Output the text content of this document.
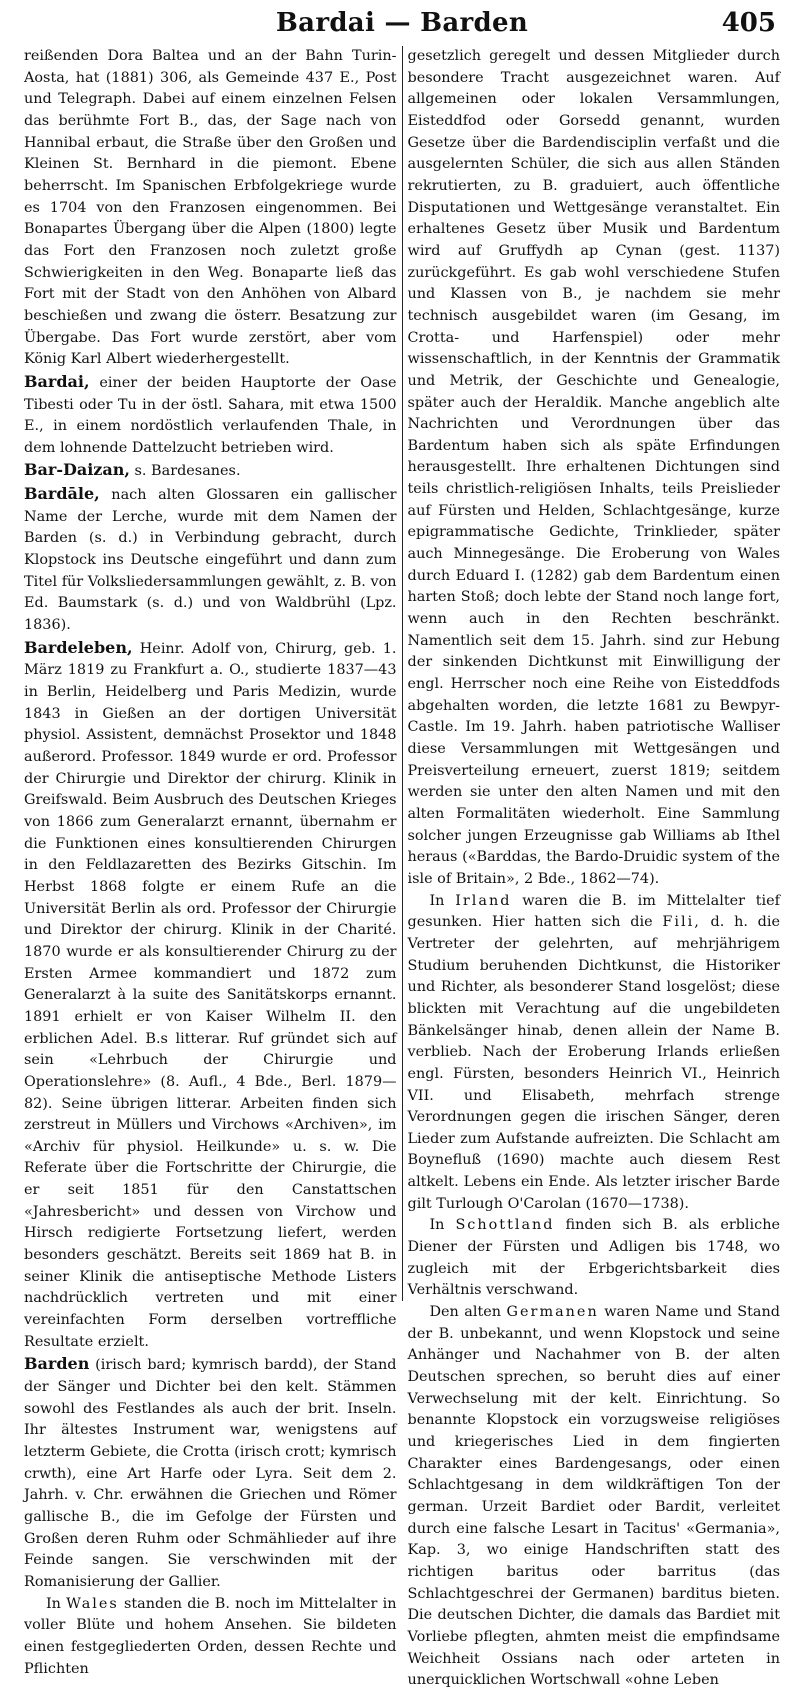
Bardai — Barden	405

reißenden Dora Baltea und an der Bahn Turin-Aosta, hat (1881) 306, als Gemeinde 437 E., Post und Telegraph. Dabei auf einem einzelnen Felsen das berühmte Fort B., das, der Sage nach von Hannibal erbaut, die Straße über den Großen und Kleinen St. Bernhard in die piemont. Ebene beherrscht. Im Spanischen Erbfolgekriege wurde es 1704 von den Franzosen eingenommen. Bei Bonapartes Übergang über die Alpen (1800) legte das Fort den Franzosen noch zuletzt große Schwierigkeiten in den Weg. Bonaparte ließ das Fort mit der Stadt von den Anhöhen von Albard beschießen und zwang die österr. Besatzung zur Übergabe. Das Fort wurde zerstört, aber vom König Karl Albert wiederhergestellt.

Bardai, einer der beiden Hauptorte der Oase Tibesti oder Tu in der östl. Sahara, mit etwa 1500 E., in einem nordöstlich verlaufenden Thale, in dem lohnende Dattelzucht betrieben wird.

Bar-Daizan, s. Bardesanes.

Bardāle, nach alten Glossaren ein gallischer Name der Lerche, wurde mit dem Namen der Barden (s. d.) in Verbindung gebracht, durch Klopstock ins Deutsche eingeführt und dann zum Titel für Volksliedersammlungen gewählt, z. B. von Ed. Baumstark (s. d.) und von Waldbrühl (Lpz. 1836).

Bardeleben, Heinr. Adolf von, Chirurg, geb. 1. März 1819 zu Frankfurt a. O., studierte 1837—43 in Berlin, Heidelberg und Paris Medizin, wurde 1843 in Gießen an der dortigen Universität physiol. Assistent, demnächst Prosektor und 1848 außerord. Professor. 1849 wurde er ord. Professor der Chirurgie und Direktor der chirurg. Klinik in Greifswald. Beim Ausbruch des Deutschen Krieges von 1866 zum Generalarzt ernannt, übernahm er die Funktionen eines konsultierenden Chirurgen in den Feldlazaretten des Bezirks Gitschin. Im Herbst 1868 folgte er einem Rufe an die Universität Berlin als ord. Professor der Chirurgie und Direktor der chirurg. Klinik in der Charité. 1870 wurde er als konsultierender Chirurg zu der Ersten Armee kommandiert und 1872 zum Generalarzt à la suite des Sanitätskorps ernannt. 1891 erhielt er von Kaiser Wilhelm II. den erblichen Adel. B.s litterar. Ruf gründet sich auf sein «Lehrbuch der Chirurgie und Operationslehre» (8. Aufl., 4 Bde., Berl. 1879—82). Seine übrigen litterar. Arbeiten finden sich zerstreut in Müllers und Virchows «Archiven», im «Archiv für physiol. Heilkunde» u. s. w. Die Referate über die Fortschritte der Chirurgie, die er seit 1851 für den Canstattschen «Jahresbericht» und dessen von Virchow und Hirsch redigierte Fortsetzung liefert, werden besonders geschätzt. Bereits seit 1869 hat B. in seiner Klinik die antiseptische Methode Listers nachdrücklich vertreten und mit einer vereinfachten Form derselben vortreffliche Resultate erzielt.

Barden (irisch bard; kymrisch bardd), der Stand der Sänger und Dichter bei den kelt. Stämmen sowohl des Festlandes als auch der brit. Inseln. Ihr ältestes Instrument war, wenigstens auf letzterm Gebiete, die Crotta (irisch crott; kymrisch crwth), eine Art Harfe oder Lyra. Seit dem 2. Jahrh. v. Chr. erwähnen die Griechen und Römer gallische B., die im Gefolge der Fürsten und Großen deren Ruhm oder Schmählieder auf ihre Feinde sangen. Sie verschwinden mit der Romanisierung der Gallier.

In Wales standen die B. noch im Mittelalter in voller Blüte und hohem Ansehen. Sie bildeten einen festgegliederten Orden, dessen Rechte und Pflichten

gesetzlich geregelt und dessen Mitglieder durch besondere Tracht ausgezeichnet waren. Auf allgemeinen oder lokalen Versammlungen, Eisteddfod oder Gorsedd genannt, wurden Gesetze über die Bardendisciplin verfaßt und die ausgelernten Schüler, die sich aus allen Ständen rekrutierten, zu B. graduiert, auch öffentliche Disputationen und Wettgesänge veranstaltet. Ein erhaltenes Gesetz über Musik und Bardentum wird auf Gruffydh ap Cynan (gest. 1137) zurückgeführt. Es gab wohl verschiedene Stufen und Klassen von B., je nachdem sie mehr technisch ausgebildet waren (im Gesang, im Crotta- und Harfenspiel) oder mehr wissenschaftlich, in der Kenntnis der Grammatik und Metrik, der Geschichte und Genealogie, später auch der Heraldik. Manche angeblich alte Nachrichten und Verordnungen über das Bardentum haben sich als späte Erfindungen herausgestellt. Ihre erhaltenen Dichtungen sind teils christlich-religiösen Inhalts, teils Preislieder auf Fürsten und Helden, Schlachtgesänge, kurze epigrammatische Gedichte, Trinklieder, später auch Minnegesänge. Die Eroberung von Wales durch Eduard I. (1282) gab dem Bardentum einen harten Stoß; doch lebte der Stand noch lange fort, wenn auch in den Rechten beschränkt. Namentlich seit dem 15. Jahrh. sind zur Hebung der sinkenden Dichtkunst mit Einwilligung der engl. Herrscher noch eine Reihe von Eisteddfods abgehalten worden, die letzte 1681 zu Bewpyr-Castle. Im 19. Jahrh. haben patriotische Walliser diese Versammlungen mit Wettgesängen und Preisverteilung erneuert, zuerst 1819; seitdem werden sie unter den alten Namen und mit den alten Formalitäten wiederholt. Eine Sammlung solcher jungen Erzeugnisse gab Williams ab Ithel heraus («Barddas, the Bardo-Druidic system of the isle of Britain», 2 Bde., 1862—74).

In Irland waren die B. im Mittelalter tief gesunken. Hier hatten sich die Fili, d. h. die Vertreter der gelehrten, auf mehrjährigem Studium beruhenden Dichtkunst, die Historiker und Richter, als besonderer Stand losgelöst; diese blickten mit Verachtung auf die ungebildeten Bänkelsänger hinab, denen allein der Name B. verblieb. Nach der Eroberung Irlands erließen engl. Fürsten, besonders Heinrich VI., Heinrich VII. und Elisabeth, mehrfach strenge Verordnungen gegen die irischen Sänger, deren Lieder zum Aufstande aufreizten. Die Schlacht am Boynefluß (1690) machte auch diesem Rest altkelt. Lebens ein Ende. Als letzter irischer Barde gilt Turlough O'Carolan (1670—1738).

In Schottland finden sich B. als erbliche Diener der Fürsten und Adligen bis 1748, wo zugleich mit der Erbgerichtsbarkeit dies Verhältnis verschwand.

Den alten Germanen waren Name und Stand der B. unbekannt, und wenn Klopstock und seine Anhänger und Nachahmer von B. der alten Deutschen sprechen, so beruht dies auf einer Verwechselung mit der kelt. Einrichtung. So benannte Klopstock ein vorzugsweise religiöses und kriegerisches Lied in dem fingierten Charakter eines Bardengesangs, oder einen Schlachtgesang in dem wildkräftigen Ton der german. Urzeit Bardiet oder Bardit, verleitet durch eine falsche Lesart in Tacitus' «Germania», Kap. 3, wo einige Handschriften statt des richtigen baritus oder barritus (das Schlachtgeschrei der Germanen) barditus bieten. Die deutschen Dichter, die damals das Bardiet mit Vorliebe pflegten, ahmten meist die empfindsame Weichheit Ossians nach oder arteten in unerquicklichen Wortschwall «ohne Leben
